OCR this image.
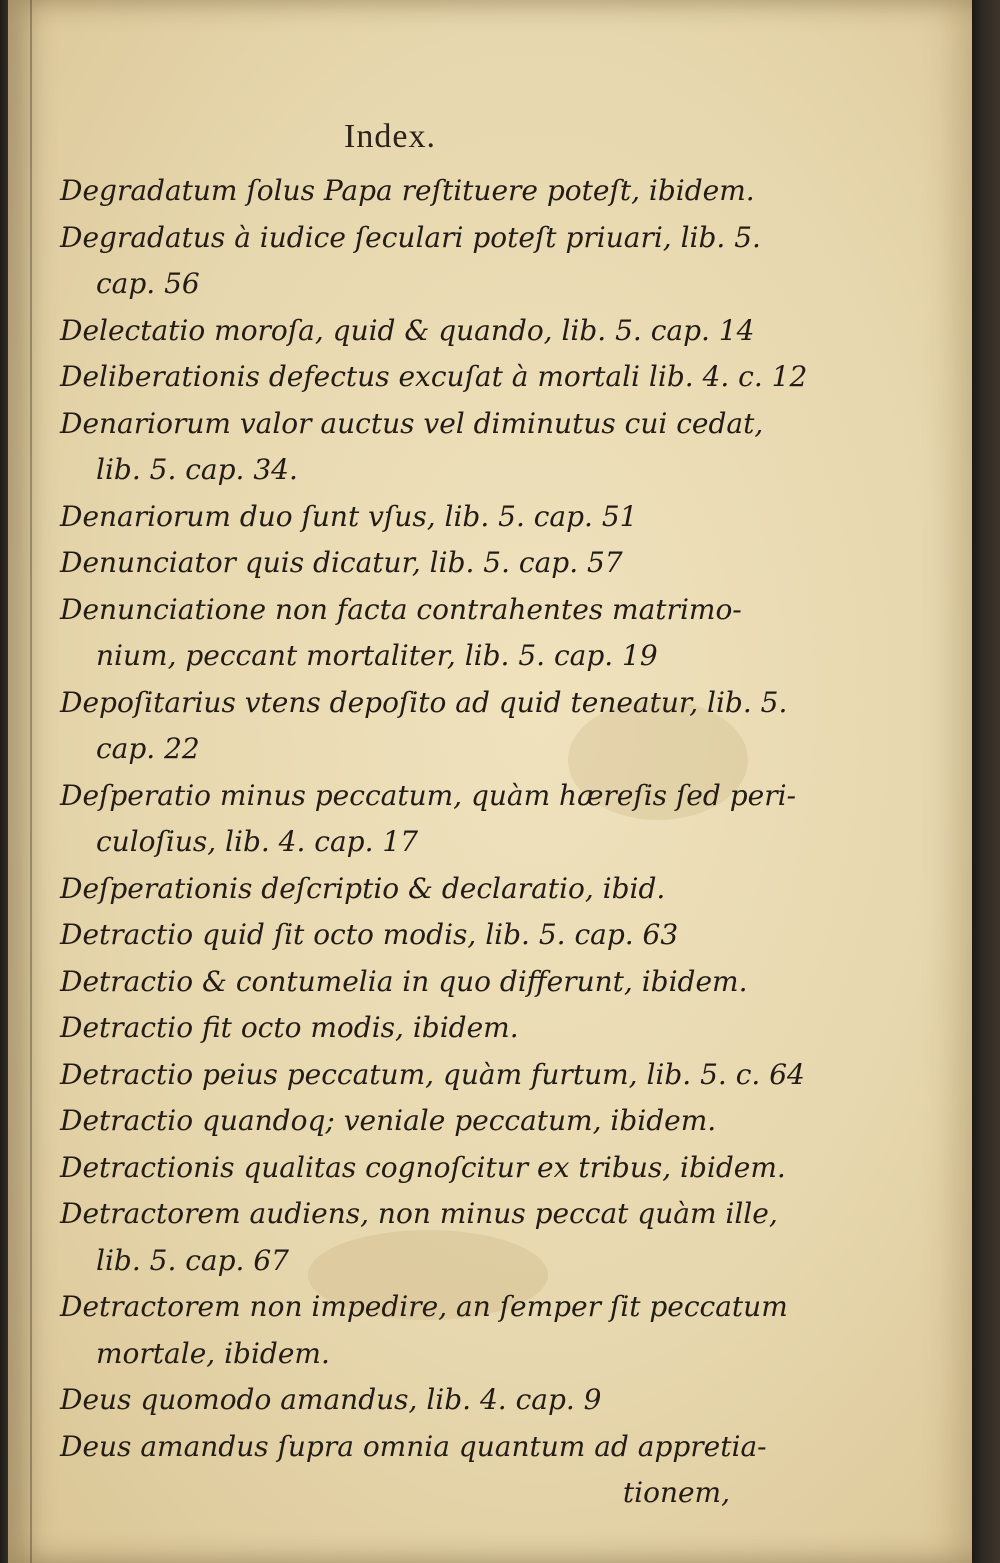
Index.
Degradatum ſolus Papa reſtituere poteſt, ibidem.
Degradatus à iudice ſeculari poteſt priuari, lib. 5.
cap. 56
Delectatio moroſa, quid & quando, lib. 5. cap. 14
Deliberationis defectus excuſat à mortali lib. 4. c. 12
Denariorum valor auctus vel diminutus cui cedat,
lib. 5. cap. 34.
Denariorum duo ſunt vſus, lib. 5. cap. 51
Denunciator quis dicatur, lib. 5. cap. 57
Denunciatione non facta contrahentes matrimo-
nium, peccant mortaliter, lib. 5. cap. 19
Depoſitarius vtens depoſito ad quid teneatur, lib. 5.
cap. 22
Deſperatio minus peccatum, quàm hæreſis ſed peri-
culoſius, lib. 4. cap. 17
Deſperationis deſcriptio & declaratio, ibid.
Detractio quid ſit octo modis, lib. 5. cap. 63
Detractio & contumelia in quo differunt, ibidem.
Detractio fit octo modis, ibidem.
Detractio peius peccatum, quàm furtum, lib. 5. c. 64
Detractio quandoq; veniale peccatum, ibidem.
Detractionis qualitas cognoſcitur ex tribus, ibidem.
Detractorem audiens, non minus peccat quàm ille,
lib. 5. cap. 67
Detractorem non impedire, an ſemper ſit peccatum
mortale, ibidem.
Deus quomodo amandus, lib. 4. cap. 9
Deus amandus ſupra omnia quantum ad appretia-
tionem,
